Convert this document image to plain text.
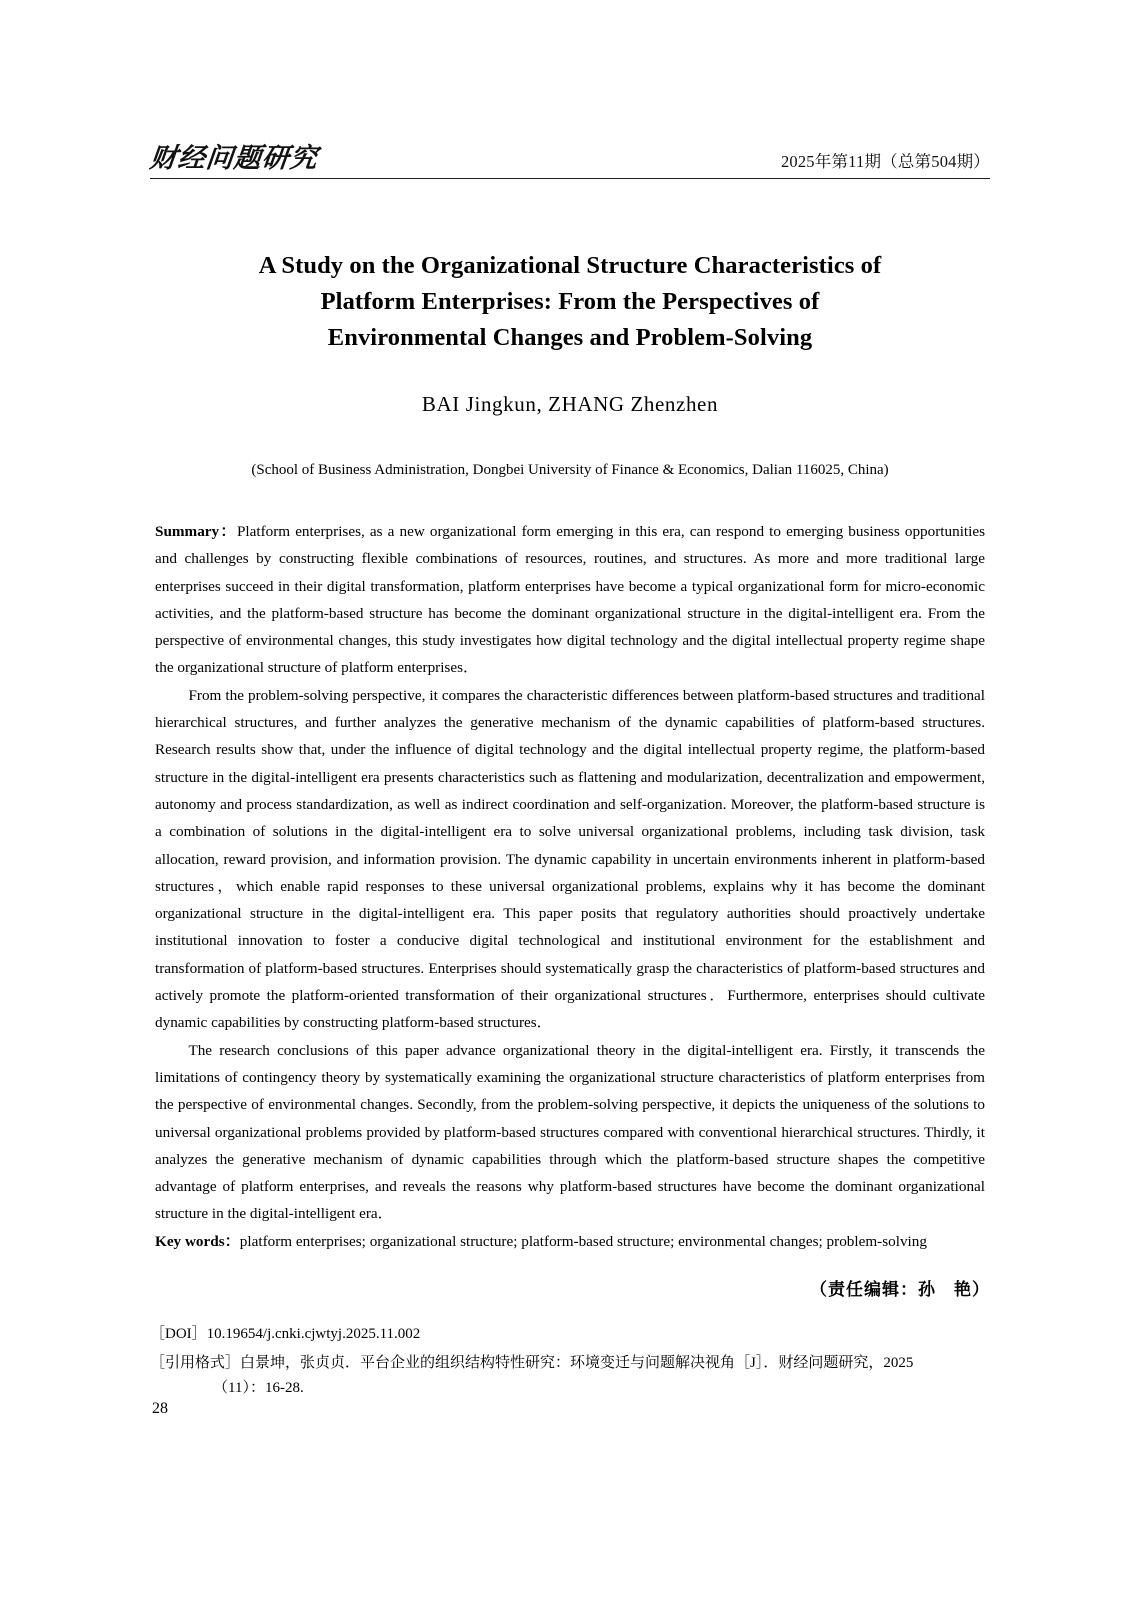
财经问题研究	2025年第11期（总第504期）
A Study on the Organizational Structure Characteristics of
Platform Enterprises: From the Perspectives of
Environmental Changes and Problem-Solving
BAI Jingkun, ZHANG Zhenzhen
(School of Business Administration, Dongbei University of Finance & Economics, Dalian 116025, China)

Summary：Platform enterprises, as a new organizational form emerging in this era, can respond to emerging business opportunities and challenges by constructing flexible combinations of resources, routines, and structures. As more and more traditional large enterprises succeed in their digital transformation, platform enterprises have become a typical organizational form for micro-economic activities, and the platform-based structure has become the dominant organizational structure in the digital-intelligent era. From the perspective of environmental changes, this study investigates how digital technology and the digital intellectual property regime shape the organizational structure of platform enterprises．

From the problem-solving perspective, it compares the characteristic differences between platform-based structures and traditional hierarchical structures, and further analyzes the generative mechanism of the dynamic capabilities of platform-based structures. Research results show that, under the influence of digital technology and the digital intellectual property regime, the platform-based structure in the digital-intelligent era presents characteristics such as flattening and modularization, decentralization and empowerment, autonomy and process standardization, as well as indirect coordination and self-organization. Moreover, the platform-based structure is a combination of solutions in the digital-intelligent era to solve universal organizational problems, including task division, task allocation, reward provision, and information provision. The dynamic capability in uncertain environments inherent in platform-based structures，which enable rapid responses to these universal organizational problems, explains why it has become the dominant organizational structure in the digital-intelligent era. This paper posits that regulatory authorities should proactively undertake institutional innovation to foster a conducive digital technological and institutional environment for the establishment and transformation of platform-based structures. Enterprises should systematically grasp the characteristics of platform-based structures and actively promote the platform-oriented transformation of their organizational structures．Furthermore, enterprises should cultivate dynamic capabilities by constructing platform-based structures．

The research conclusions of this paper advance organizational theory in the digital-intelligent era. Firstly, it transcends the limitations of contingency theory by systematically examining the organizational structure characteristics of platform enterprises from the perspective of environmental changes. Secondly, from the problem-solving perspective, it depicts the uniqueness of the solutions to universal organizational problems provided by platform-based structures compared with conventional hierarchical structures. Thirdly, it analyzes the generative mechanism of dynamic capabilities through which the platform-based structure shapes the competitive advantage of platform enterprises, and reveals the reasons why platform-based structures have become the dominant organizational structure in the digital-intelligent era．

Key words：platform enterprises; organizational structure; platform-based structure; environmental changes; problem-solving

（责任编辑：孙　艳）

［DOI］10.19654/j.cnki.cjwtyj.2025.11.002

［引用格式］白景坤，张贞贞．平台企业的组织结构特性研究：环境变迁与问题解决视角［J］．财经问题研究，2025
（11）：16-28.

28
